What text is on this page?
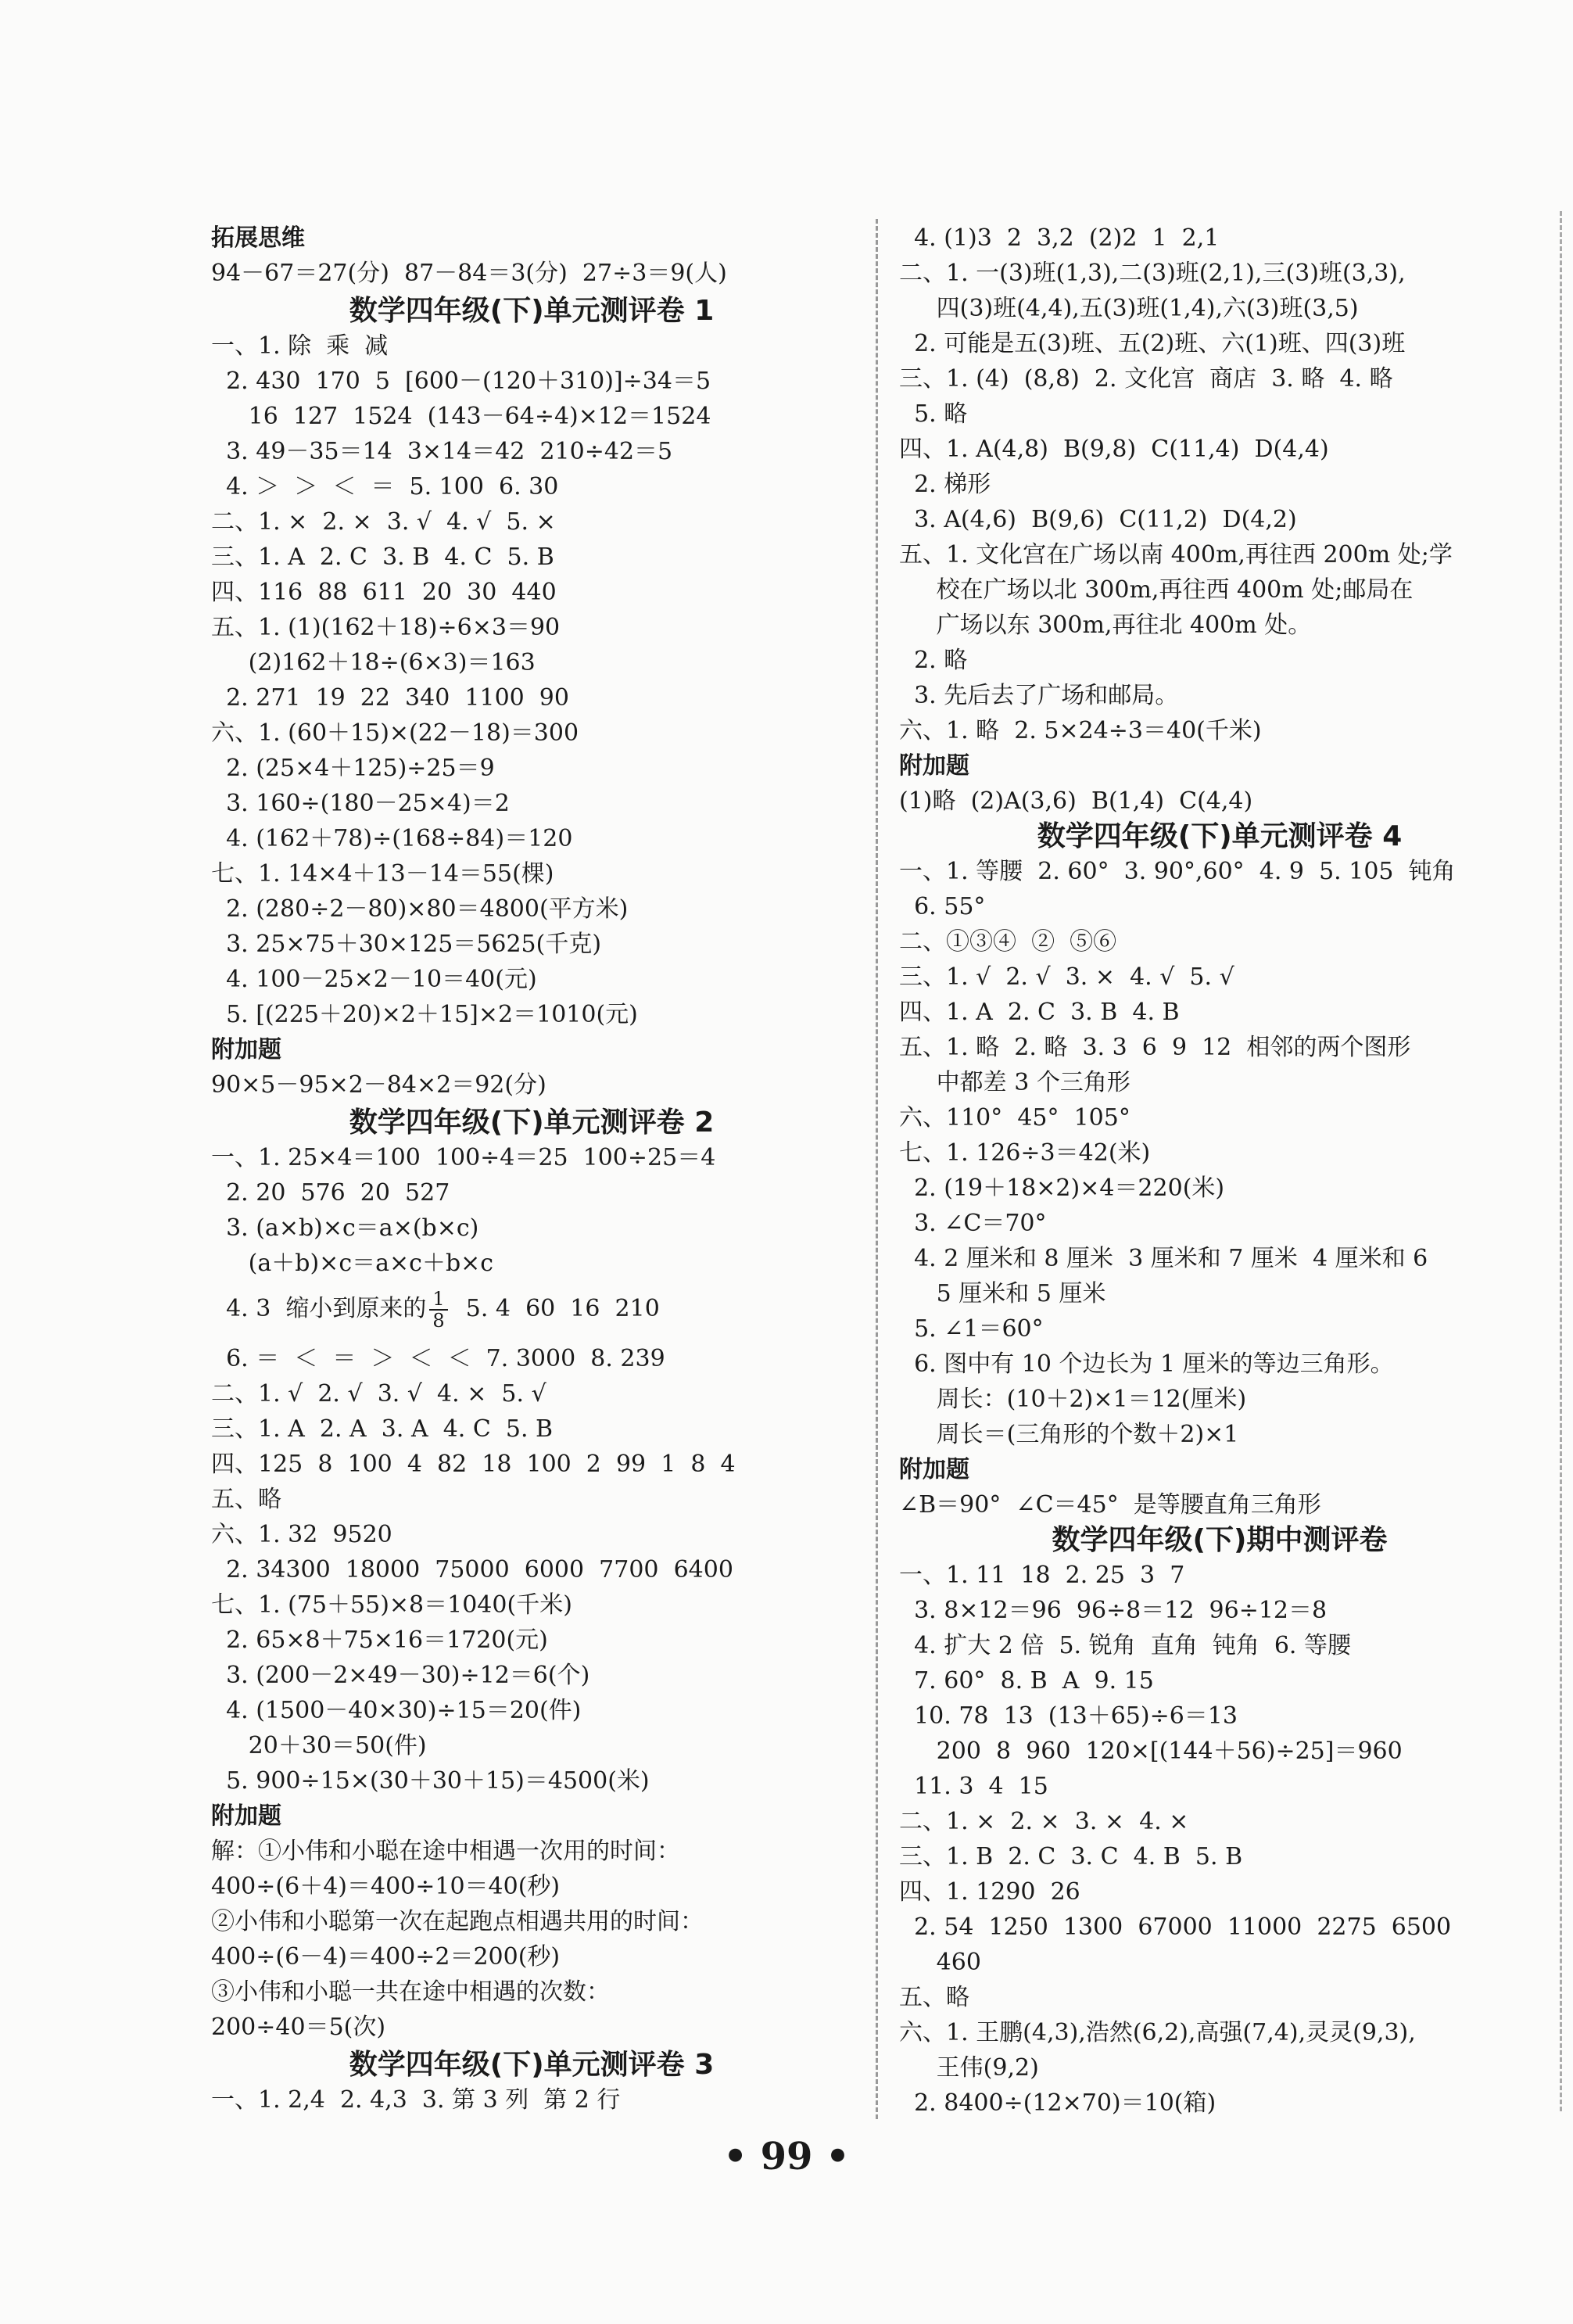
拓展思维
94－67＝27(分)  87－84＝3(分)  27÷3＝9(人)
数学四年级(下)单元测评卷 1
一、1. 除  乘  减
2. 430  170  5  [600－(120＋310)]÷34＝5
16  127  1524  (143－64÷4)×12＝1524
3. 49－35＝14  3×14＝42  210÷42＝5
4. ＞  ＞  ＜  ＝  5. 100  6. 30
二、1. ×  2. ×  3. √  4. √  5. ×
三、1. A  2. C  3. B  4. C  5. B
四、116  88  611  20  30  440
五、1. (1)(162＋18)÷6×3＝90
(2)162＋18÷(6×3)＝163
2. 271  19  22  340  1100  90
六、1. (60＋15)×(22－18)＝300
2. (25×4＋125)÷25＝9
3. 160÷(180－25×4)＝2
4. (162＋78)÷(168÷84)＝120
七、1. 14×4＋13－14＝55(棵)
2. (280÷2－80)×80＝4800(平方米)
3. 25×75＋30×125＝5625(千克)
4. 100－25×2－10＝40(元)
5. [(225＋20)×2＋15]×2＝1010(元)
附加题
90×5－95×2－84×2＝92(分)
数学四年级(下)单元测评卷 2
一、1. 25×4＝100  100÷4＝25  100÷25＝4
2. 20  576  20  527
3. (a×b)×c＝a×(b×c)
(a＋b)×c＝a×c＋b×c
4. 3  缩小到原来的 $\frac{1}{8} 5$. 4  60  16  210
6. ＝  ＜  ＝  ＞  ＜  ＜  7. 3000  8. 239
二、1. √  2. √  3. √  4. ×  5. √
三、1. A  2. A  3. A  4. C  5. B
四、125  8  100  4  82  18  100  2  99  1  8  4
五、略
六、1. 32  9520
2. 34300  18000  75000  6000  7700  6400
七、1. (75＋55)×8＝1040(千米)
2. 65×8＋75×16＝1720(元)
3. (200－2×49－30)÷12＝6(个)
4. (1500－40×30)÷15＝20(件)
20＋30＝50(件)
5. 900÷15×(30＋30＋15)＝4500(米)
附加题
解：①小伟和小聪在途中相遇一次用的时间：
400÷(6＋4)＝400÷10＝40(秒)
②小伟和小聪第一次在起跑点相遇共用的时间：
400÷(6－4)＝400÷2＝200(秒)
③小伟和小聪一共在途中相遇的次数：
200÷40＝5(次)
数学四年级(下)单元测评卷 3
一、1. 2,4  2. 4,3  3. 第 3 列  第 2 行
4. (1)3  2  3,2  (2)2  1  2,1
二、1. 一(3)班(1,3),二(3)班(2,1),三(3)班(3,3),
四(3)班(4,4),五(3)班(1,4),六(3)班(3,5)
2. 可能是五(3)班、五(2)班、六(1)班、四(3)班
三、1. (4)  (8,8)  2. 文化宫  商店  3. 略  4. 略
5. 略
四、1. A(4,8)  B(9,8)  C(11,4)  D(4,4)
2. 梯形
3. A(4,6)  B(9,6)  C(11,2)  D(4,2)
五、1. 文化宫在广场以南 400m,再往西 200m 处;学
校在广场以北 300m,再往西 400m 处;邮局在
广场以东 300m,再往北 400m 处。
2. 略
3. 先后去了广场和邮局。
六、1. 略  2. 5×24÷3＝40(千米)
附加题
(1)略  (2)A(3,6)  B(1,4)  C(4,4)
数学四年级(下)单元测评卷 4
一、1. 等腰  2. 60°  3. 90°,60°  4. 9  5. 105  钝角
6. 55°
二、①③④  ②  ⑤⑥
三、1. √  2. √  3. ×  4. √  5. √
四、1. A  2. C  3. B  4. B
五、1. 略  2. 略  3. 3  6  9  12  相邻的两个图形
中都差 3 个三角形
六、110°  45°  105°
七、1. 126÷3＝42(米)
2. (19＋18×2)×4＝220(米)
3. ∠C＝70°
4. 2 厘米和 8 厘米  3 厘米和 7 厘米  4 厘米和 6
5 厘米和 5 厘米
5. ∠1＝60°
6. 图中有 10 个边长为 1 厘米的等边三角形。
周长：(10＋2)×1＝12(厘米)
周长＝(三角形的个数＋2)×1
附加题
∠B＝90°  ∠C＝45°  是等腰直角三角形
数学四年级(下)期中测评卷
一、1. 11  18  2. 25  3  7
3. 8×12＝96  96÷8＝12  96÷12＝8
4. 扩大 2 倍  5. 锐角  直角  钝角  6. 等腰
7. 60°  8. B  A  9. 15
10. 78  13  (13＋65)÷6＝13
200  8  960  120×[(144＋56)÷25]＝960
11. 3  4  15
二、1. ×  2. ×  3. ×  4. ×
三、1. B  2. C  3. C  4. B  5. B
四、1. 1290  26
2. 54  1250  1300  67000  11000  2275  6500
460
五、略
六、1. 王鹏(4,3),浩然(6,2),高强(7,4),灵灵(9,3),
王伟(9,2)
2. 8400÷(12×70)＝10(箱)
• 99 •
